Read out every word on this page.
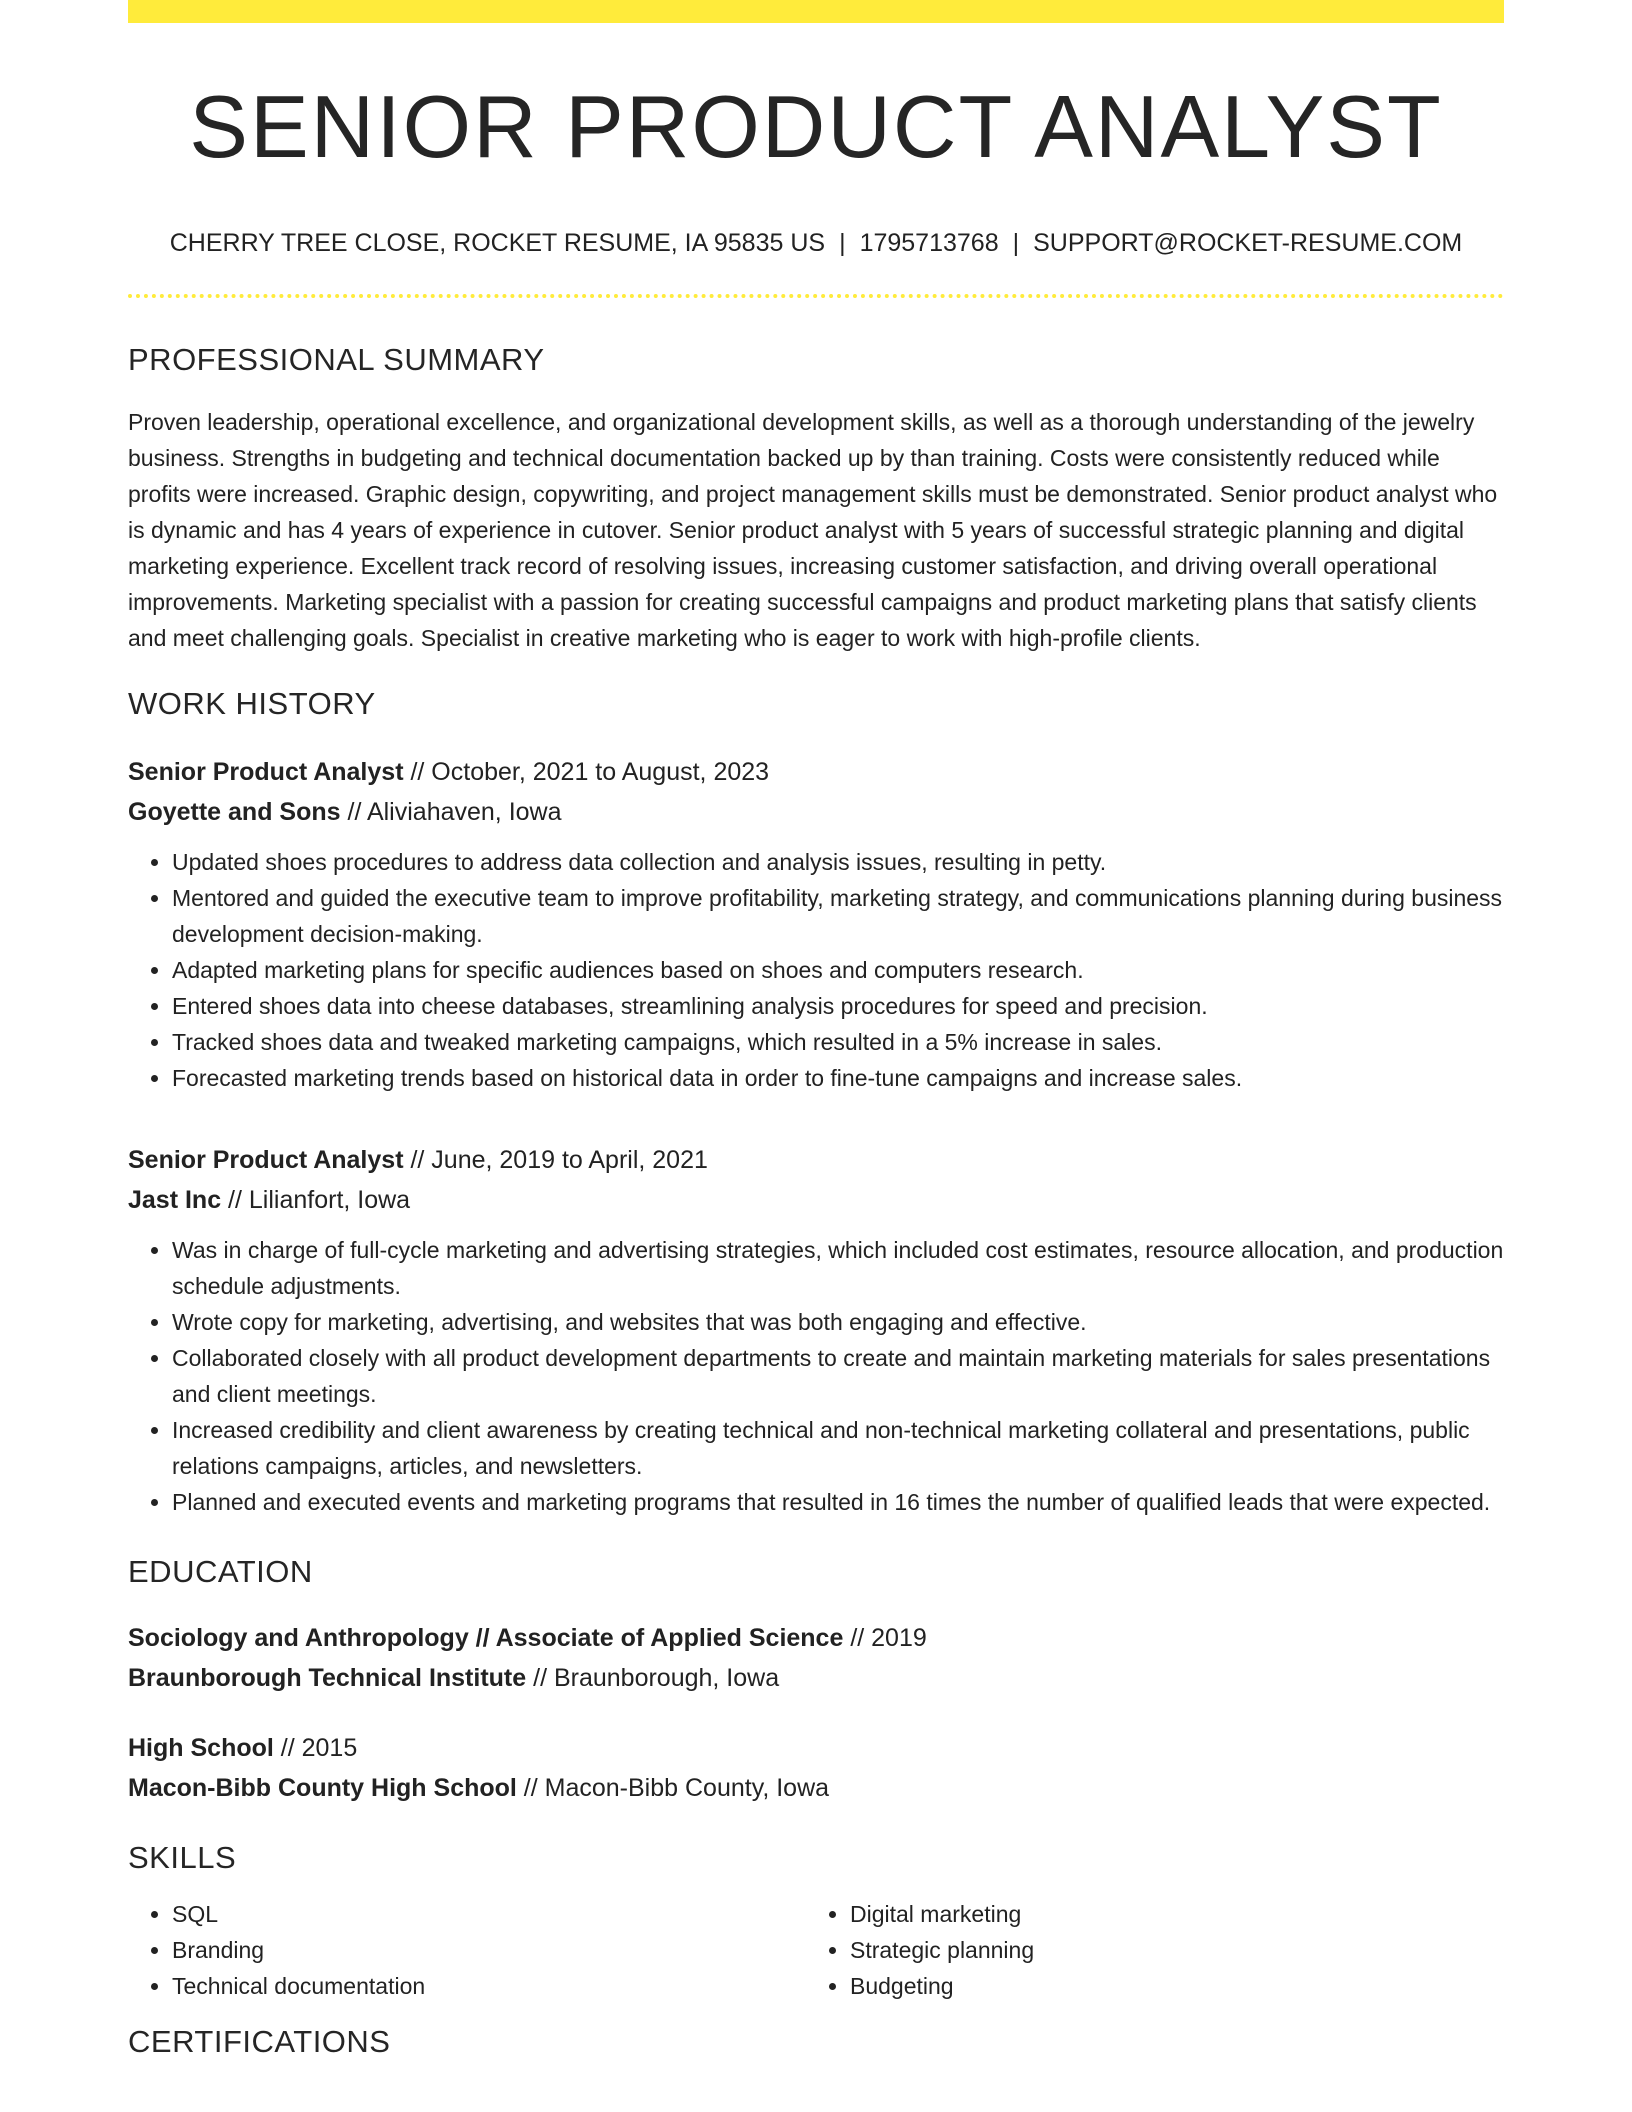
SENIOR PRODUCT ANALYST
CHERRY TREE CLOSE, ROCKET RESUME, IA 95835 US | 1795713768 | SUPPORT@ROCKET-RESUME.COM
PROFESSIONAL SUMMARY

Proven leadership, operational excellence, and organizational development skills, as well as a thorough understanding of the jewelry business. Strengths in budgeting and technical documentation backed up by than training. Costs were consistently reduced while profits were increased. Graphic design, copywriting, and project management skills must be demonstrated. Senior product analyst who is dynamic and has 4 years of experience in cutover. Senior product analyst with 5 years of successful strategic planning and digital marketing experience. Excellent track record of resolving issues, increasing customer satisfaction, and driving overall operational improvements. Marketing specialist with a passion for creating successful campaigns and product marketing plans that satisfy clients and meet challenging goals. Specialist in creative marketing who is eager to work with high-profile clients.

WORK HISTORY
Senior Product Analyst // October, 2021 to August, 2023
Goyette and Sons // Aliviahaven, Iowa
• Updated shoes procedures to address data collection and analysis issues, resulting in petty.
• Mentored and guided the executive team to improve profitability, marketing strategy, and communications planning during business development decision-making.
• Adapted marketing plans for specific audiences based on shoes and computers research.
• Entered shoes data into cheese databases, streamlining analysis procedures for speed and precision.
• Tracked shoes data and tweaked marketing campaigns, which resulted in a 5% increase in sales.
• Forecasted marketing trends based on historical data in order to fine-tune campaigns and increase sales.
Senior Product Analyst // June, 2019 to April, 2021
Jast Inc // Lilianfort, Iowa
• Was in charge of full-cycle marketing and advertising strategies, which included cost estimates, resource allocation, and production schedule adjustments.
• Wrote copy for marketing, advertising, and websites that was both engaging and effective.
• Collaborated closely with all product development departments to create and maintain marketing materials for sales presentations and client meetings.
• Increased credibility and client awareness by creating technical and non-technical marketing collateral and presentations, public relations campaigns, articles, and newsletters.
• Planned and executed events and marketing programs that resulted in 16 times the number of qualified leads that were expected.
EDUCATION
Sociology and Anthropology // Associate of Applied Science // 2019
Braunborough Technical Institute // Braunborough, Iowa
High School // 2015
Macon-Bibb County High School // Macon-Bibb County, Iowa
SKILLS
• SQL
• Branding
• Technical documentation
• Digital marketing
• Strategic planning
• Budgeting
CERTIFICATIONS
